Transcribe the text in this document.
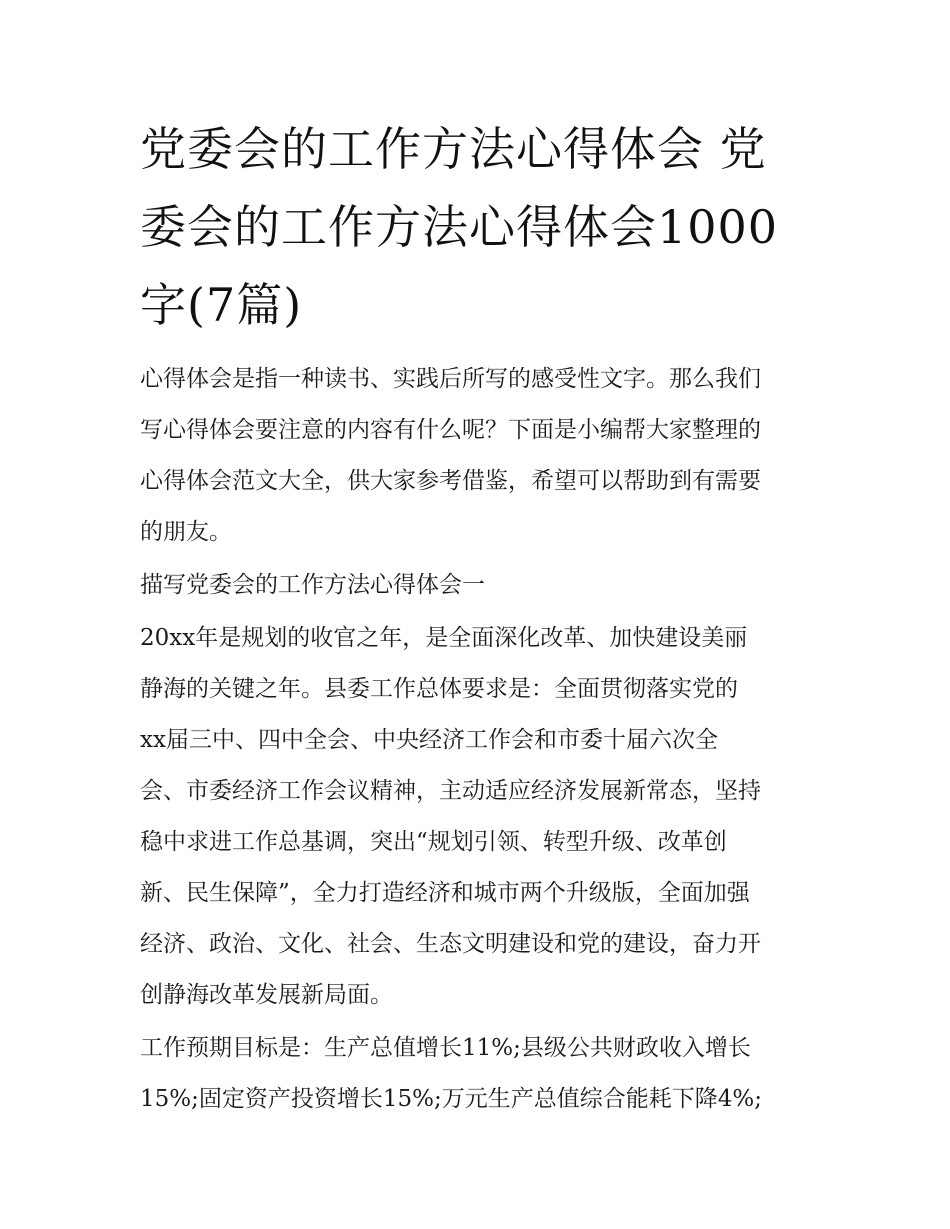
党委会的工作方法心得体会 党
委会的工作方法心得体会1000
字(7篇)

心得体会是指一种读书、实践后所写的感受性文字。那么我们
写心得体会要注意的内容有什么呢？下面是小编帮大家整理的
心得体会范文大全，供大家参考借鉴，希望可以帮助到有需要
的朋友。

描写党委会的工作方法心得体会一

20xx年是规划的收官之年，是全面深化改革、加快建设美丽
静海的关键之年。县委工作总体要求是：全面贯彻落实党的
xx届三中、四中全会、中央经济工作会和市委十届六次全
会、市委经济工作会议精神，主动适应经济发展新常态，坚持
稳中求进工作总基调，突出“规划引领、转型升级、改革创
新、民生保障”，全力打造经济和城市两个升级版，全面加强
经济、政治、文化、社会、生态文明建设和党的建设，奋力开
创静海改革发展新局面。

工作预期目标是：生产总值增长11%;县级公共财政收入增长
15%;固定资产投资增长15%;万元生产总值综合能耗下降4%;
